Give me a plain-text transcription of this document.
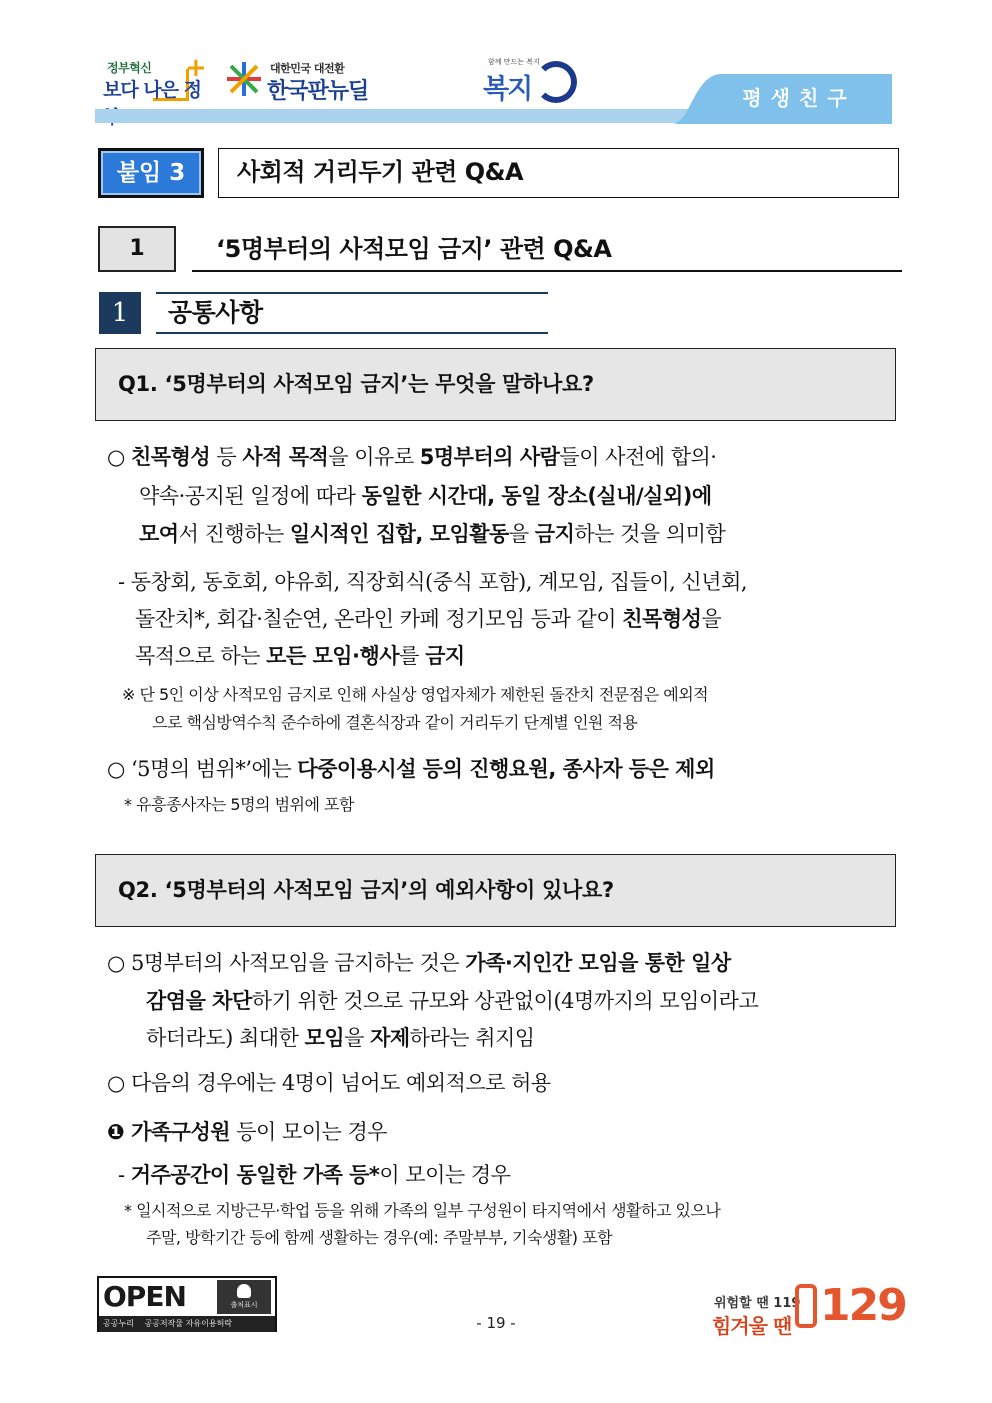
정부혁신 +
보다 나은 정
대한민국 대전환
한국판뉴딜
함께 만드는 복지
복지	평생친구
붙임 3	사회적 거리두기 관련 Q&A
1	‘5명부터의 사적모임 금지’ 관련 Q&A
1	공통사항
Q1. ‘5명부터의 사적모임 금지’는 무엇을 말하나요?
○ 친목형성 등 사적 목적을 이유로 5명부터의 사람들이 사전에 합의·
약속·공지된 일정에 따라 동일한 시간대, 동일 장소(실내/실외)에
모여서 진행하는 일시적인 집합, 모임활동을 금지하는 것을 의미함
- 동창회, 동호회, 야유회, 직장회식(중식 포함), 계모임, 집들이, 신년회,
돌잔치*, 회갑·칠순연, 온라인 카페 정기모임 등과 같이 친목형성을
목적으로 하는 모든 모임·행사를 금지
※ 단 5인 이상 사적모임 금지로 인해 사실상 영업자체가 제한된 돌잔치 전문점은 예외적
으로 핵심방역수칙 준수하에 결혼식장과 같이 거리두기 단계별 인원 적용
○ ‘5명의 범위*’에는 다중이용시설 등의 진행요원, 종사자 등은 제외
* 유흥종사자는 5명의 범위에 포함
Q2. ‘5명부터의 사적모임 금지’의 예외사항이 있나요?
○ 5명부터의 사적모임을 금지하는 것은 가족·지인간 모임을 통한 일상
감염을 차단하기 위한 것으로 규모와 상관없이(4명까지의 모임이라고
하더라도) 최대한 모임을 자제하라는 취지임
○ 다음의 경우에는 4명이 넘어도 예외적으로 허용
❶ 가족구성원 등이 모이는 경우
- 거주공간이 동일한 가족 등*이 모이는 경우
* 일시적으로 지방근무·학업 등을 위해 가족의 일부 구성원이 타지역에서 생활하고 있으나
주말, 방학기간 등에 함께 생활하는 경우(예: 주말부부, 기숙생활) 포함
OPEN	출처표시
공공누리 공공저작물 자유이용허락	- 19 -
위험할 땐 119
힘겨울 땐 129
